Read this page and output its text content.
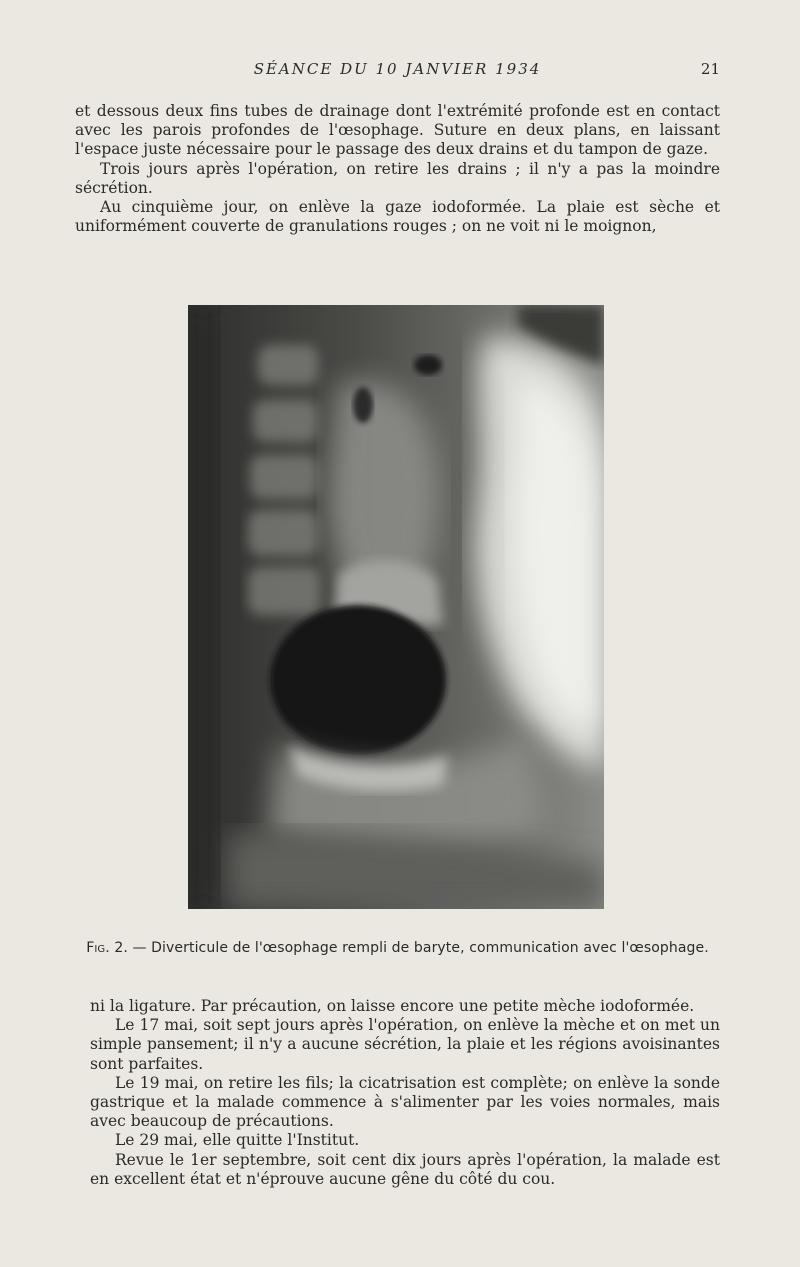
SÉANCE DU 10 JANVIER 1934	21

et dessous deux fins tubes de drainage dont l'extrémité profonde est en contact avec les parois profondes de l'œsophage. Suture en deux plans, en laissant l'espace juste nécessaire pour le passage des deux drains et du tampon de gaze.

Trois jours après l'opération, on retire les drains ; il n'y a pas la moindre sécrétion.

Au cinquième jour, on enlève la gaze iodoformée. La plaie est sèche et uniformément couverte de granulations rouges ; on ne voit ni le moignon,

Fig. 2. — Diverticule de l'œsophage rempli de baryte, communication avec l'œsophage.

ni la ligature. Par précaution, on laisse encore une petite mèche iodoformée.

Le 17 mai, soit sept jours après l'opération, on enlève la mèche et on met un simple pansement; il n'y a aucune sécrétion, la plaie et les régions avoisinantes sont parfaites.

Le 19 mai, on retire les fils; la cicatrisation est complète; on enlève la sonde gastrique et la malade commence à s'alimenter par les voies normales, mais avec beaucoup de précautions.

Le 29 mai, elle quitte l'Institut.

Revue le 1er septembre, soit cent dix jours après l'opération, la malade est en excellent état et n'éprouve aucune gêne du côté du cou.
